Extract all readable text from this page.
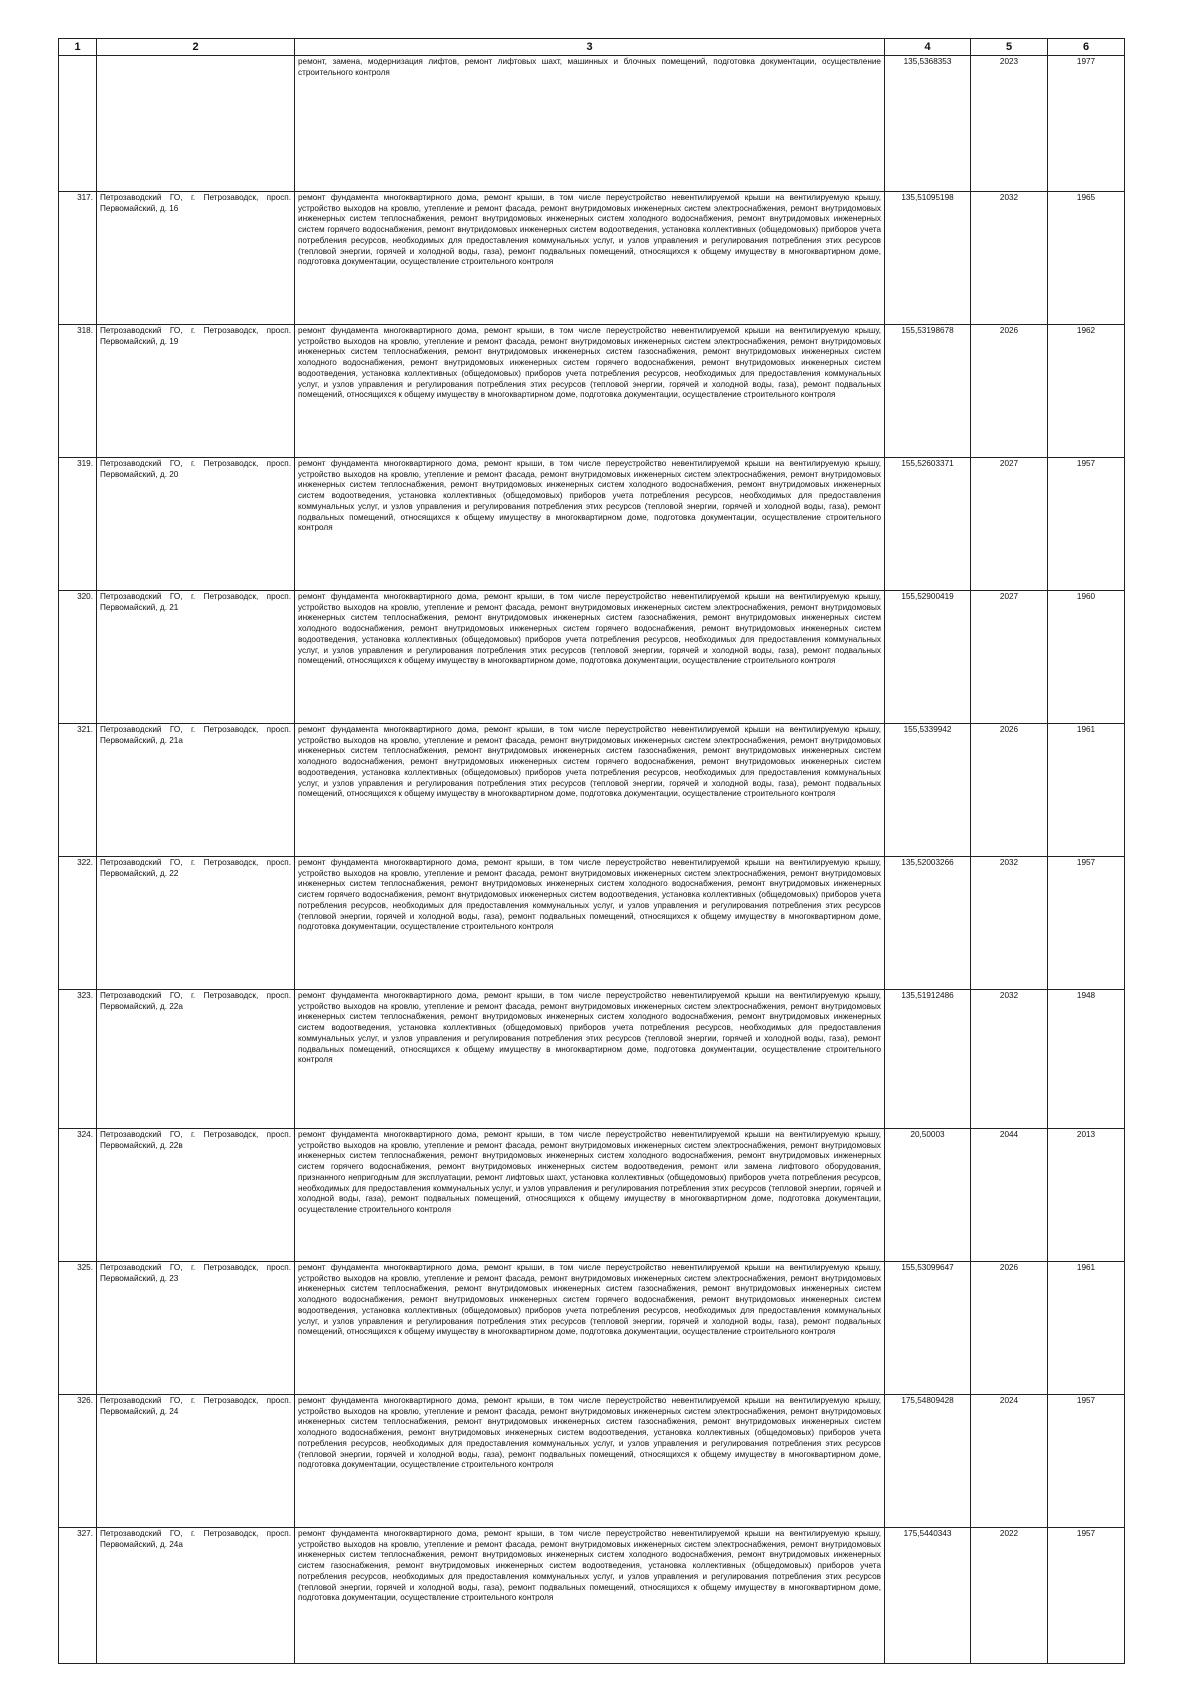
1	2	3	4	5	6
		ремонт, замена, модернизация лифтов, ремонт лифтовых шахт, машинных и блочных помещений, подготовка документации, осуществление строительного контроля	135,5368353	2023	1977
317.	Петрозаводский ГО, г. Петрозаводск, просп. Первомайский, д. 16	ремонт фундамента многоквартирного дома, ремонт крыши, в том числе переустройство невентилируемой крыши на вентилируемую крышу, устройство выходов на кровлю, утепление и ремонт фасада, ремонт внутридомовых инженерных систем электроснабжения, ремонт внутридомовых инженерных систем теплоснабжения, ремонт внутридомовых инженерных систем холодного водоснабжения, ремонт внутридомовых инженерных систем горячего водоснабжения, ремонт внутридомовых инженерных систем водоотведения, установка коллективных (общедомовых) приборов учета потребления ресурсов, необходимых для предоставления коммунальных услуг, и узлов управления и регулирования потребления этих ресурсов (тепловой энергии, горячей и холодной воды, газа), ремонт подвальных помещений, относящихся к общему имуществу в многоквартирном доме, подготовка документации, осуществление строительного контроля	135,51095198	2032	1965
318.	Петрозаводский ГО, г. Петрозаводск, просп. Первомайский, д. 19	ремонт фундамента многоквартирного дома, ремонт крыши, в том числе переустройство невентилируемой крыши на вентилируемую крышу, устройство выходов на кровлю, утепление и ремонт фасада, ремонт внутридомовых инженерных систем электроснабжения, ремонт внутридомовых инженерных систем теплоснабжения, ремонт внутридомовых инженерных систем газоснабжения, ремонт внутридомовых инженерных систем холодного водоснабжения, ремонт внутридомовых инженерных систем горячего водоснабжения, ремонт внутридомовых инженерных систем водоотведения, установка коллективных (общедомовых) приборов учета потребления ресурсов, необходимых для предоставления коммунальных услуг, и узлов управления и регулирования потребления этих ресурсов (тепловой энергии, горячей и холодной воды, газа), ремонт подвальных помещений, относящихся к общему имуществу в многоквартирном доме, подготовка документации, осуществление строительного контроля	155,53198678	2026	1962
319.	Петрозаводский ГО, г. Петрозаводск, просп. Первомайский, д. 20	ремонт фундамента многоквартирного дома, ремонт крыши, в том числе переустройство невентилируемой крыши на вентилируемую крышу, устройство выходов на кровлю, утепление и ремонт фасада, ремонт внутридомовых инженерных систем электроснабжения, ремонт внутридомовых инженерных систем теплоснабжения, ремонт внутридомовых инженерных систем холодного водоснабжения, ремонт внутридомовых инженерных систем водоотведения, установка коллективных (общедомовых) приборов учета потребления ресурсов, необходимых для предоставления коммунальных услуг, и узлов управления и регулирования потребления этих ресурсов (тепловой энергии, горячей и холодной воды, газа), ремонт подвальных помещений, относящихся к общему имуществу в многоквартирном доме, подготовка документации, осуществление строительного контроля	155,52603371	2027	1957
320.	Петрозаводский ГО, г. Петрозаводск, просп. Первомайский, д. 21	ремонт фундамента многоквартирного дома, ремонт крыши, в том числе переустройство невентилируемой крыши на вентилируемую крышу, устройство выходов на кровлю, утепление и ремонт фасада, ремонт внутридомовых инженерных систем электроснабжения, ремонт внутридомовых инженерных систем теплоснабжения, ремонт внутридомовых инженерных систем газоснабжения, ремонт внутридомовых инженерных систем холодного водоснабжения, ремонт внутридомовых инженерных систем горячего водоснабжения, ремонт внутридомовых инженерных систем водоотведения, установка коллективных (общедомовых) приборов учета потребления ресурсов, необходимых для предоставления коммунальных услуг, и узлов управления и регулирования потребления этих ресурсов (тепловой энергии, горячей и холодной воды, газа), ремонт подвальных помещений, относящихся к общему имуществу в многоквартирном доме, подготовка документации, осуществление строительного контроля	155,52900419	2027	1960
321.	Петрозаводский ГО, г. Петрозаводск, просп. Первомайский, д. 21а	ремонт фундамента многоквартирного дома, ремонт крыши, в том числе переустройство невентилируемой крыши на вентилируемую крышу, устройство выходов на кровлю, утепление и ремонт фасада, ремонт внутридомовых инженерных систем электроснабжения, ремонт внутридомовых инженерных систем теплоснабжения, ремонт внутридомовых инженерных систем газоснабжения, ремонт внутридомовых инженерных систем холодного водоснабжения, ремонт внутридомовых инженерных систем горячего водоснабжения, ремонт внутридомовых инженерных систем водоотведения, установка коллективных (общедомовых) приборов учета потребления ресурсов, необходимых для предоставления коммунальных услуг, и узлов управления и регулирования потребления этих ресурсов (тепловой энергии, горячей и холодной воды, газа), ремонт подвальных помещений, относящихся к общему имуществу в многоквартирном доме, подготовка документации, осуществление строительного контроля	155,5339942	2026	1961
322.	Петрозаводский ГО, г. Петрозаводск, просп. Первомайский, д. 22	ремонт фундамента многоквартирного дома, ремонт крыши, в том числе переустройство невентилируемой крыши на вентилируемую крышу, устройство выходов на кровлю, утепление и ремонт фасада, ремонт внутридомовых инженерных систем электроснабжения, ремонт внутридомовых инженерных систем теплоснабжения, ремонт внутридомовых инженерных систем холодного водоснабжения, ремонт внутридомовых инженерных систем горячего водоснабжения, ремонт внутридомовых инженерных систем водоотведения, установка коллективных (общедомовых) приборов учета потребления ресурсов, необходимых для предоставления коммунальных услуг, и узлов управления и регулирования потребления этих ресурсов (тепловой энергии, горячей и холодной воды, газа), ремонт подвальных помещений, относящихся к общему имуществу в многоквартирном доме, подготовка документации, осуществление строительного контроля	135,52003266	2032	1957
323.	Петрозаводский ГО, г. Петрозаводск, просп. Первомайский, д. 22а	ремонт фундамента многоквартирного дома, ремонт крыши, в том числе переустройство невентилируемой крыши на вентилируемую крышу, устройство выходов на кровлю, утепление и ремонт фасада, ремонт внутридомовых инженерных систем электроснабжения, ремонт внутридомовых инженерных систем теплоснабжения, ремонт внутридомовых инженерных систем холодного водоснабжения, ремонт внутридомовых инженерных систем водоотведения, установка коллективных (общедомовых) приборов учета потребления ресурсов, необходимых для предоставления коммунальных услуг, и узлов управления и регулирования потребления этих ресурсов (тепловой энергии, горячей и холодной воды, газа), ремонт подвальных помещений, относящихся к общему имуществу в многоквартирном доме, подготовка документации, осуществление строительного контроля	135,51912486	2032	1948
324.	Петрозаводский ГО, г. Петрозаводск, просп. Первомайский, д. 22в	ремонт фундамента многоквартирного дома, ремонт крыши, в том числе переустройство невентилируемой крыши на вентилируемую крышу, устройство выходов на кровлю, утепление и ремонт фасада, ремонт внутридомовых инженерных систем электроснабжения, ремонт внутридомовых инженерных систем теплоснабжения, ремонт внутридомовых инженерных систем холодного водоснабжения, ремонт внутридомовых инженерных систем горячего водоснабжения, ремонт внутридомовых инженерных систем водоотведения, ремонт или замена лифтового оборудования, признанного непригодным для эксплуатации, ремонт лифтовых шахт, установка коллективных (общедомовых) приборов учета потребления ресурсов, необходимых для предоставления коммунальных услуг, и узлов управления и регулирования потребления этих ресурсов (тепловой энергии, горячей и холодной воды, газа), ремонт подвальных помещений, относящихся к общему имуществу в многоквартирном доме, подготовка документации, осуществление строительного контроля	20,50003	2044	2013
325.	Петрозаводский ГО, г. Петрозаводск, просп. Первомайский, д. 23	ремонт фундамента многоквартирного дома, ремонт крыши, в том числе переустройство невентилируемой крыши на вентилируемую крышу, устройство выходов на кровлю, утепление и ремонт фасада, ремонт внутридомовых инженерных систем электроснабжения, ремонт внутридомовых инженерных систем теплоснабжения, ремонт внутридомовых инженерных систем газоснабжения, ремонт внутридомовых инженерных систем холодного водоснабжения, ремонт внутридомовых инженерных систем горячего водоснабжения, ремонт внутридомовых инженерных систем водоотведения, установка коллективных (общедомовых) приборов учета потребления ресурсов, необходимых для предоставления коммунальных услуг, и узлов управления и регулирования потребления этих ресурсов (тепловой энергии, горячей и холодной воды, газа), ремонт подвальных помещений, относящихся к общему имуществу в многоквартирном доме, подготовка документации, осуществление строительного контроля	155,53099647	2026	1961
326.	Петрозаводский ГО, г. Петрозаводск, просп. Первомайский, д. 24	ремонт фундамента многоквартирного дома, ремонт крыши, в том числе переустройство невентилируемой крыши на вентилируемую крышу, устройство выходов на кровлю, утепление и ремонт фасада, ремонт внутридомовых инженерных систем электроснабжения, ремонт внутридомовых инженерных систем теплоснабжения, ремонт внутридомовых инженерных систем газоснабжения, ремонт внутридомовых инженерных систем холодного водоснабжения, ремонт внутридомовых инженерных систем водоотведения, установка коллективных (общедомовых) приборов учета потребления ресурсов, необходимых для предоставления коммунальных услуг, и узлов управления и регулирования потребления этих ресурсов (тепловой энергии, горячей и холодной воды, газа), ремонт подвальных помещений, относящихся к общему имуществу в многоквартирном доме, подготовка документации, осуществление строительного контроля	175,54809428	2024	1957
327.	Петрозаводский ГО, г. Петрозаводск, просп. Первомайский, д. 24а	ремонт фундамента многоквартирного дома, ремонт крыши, в том числе переустройство невентилируемой крыши на вентилируемую крышу, устройство выходов на кровлю, утепление и ремонт фасада, ремонт внутридомовых инженерных систем электроснабжения, ремонт внутридомовых инженерных систем теплоснабжения, ремонт внутридомовых инженерных систем холодного водоснабжения, ремонт внутридомовых инженерных систем газоснабжения, ремонт внутридомовых инженерных систем водоотведения, установка коллективных (общедомовых) приборов учета потребления ресурсов, необходимых для предоставления коммунальных услуг, и узлов управления и регулирования потребления этих ресурсов (тепловой энергии, горячей и холодной воды, газа), ремонт подвальных помещений, относящихся к общему имуществу в многоквартирном доме, подготовка документации, осуществление строительного контроля	175,5440343	2022	1957
